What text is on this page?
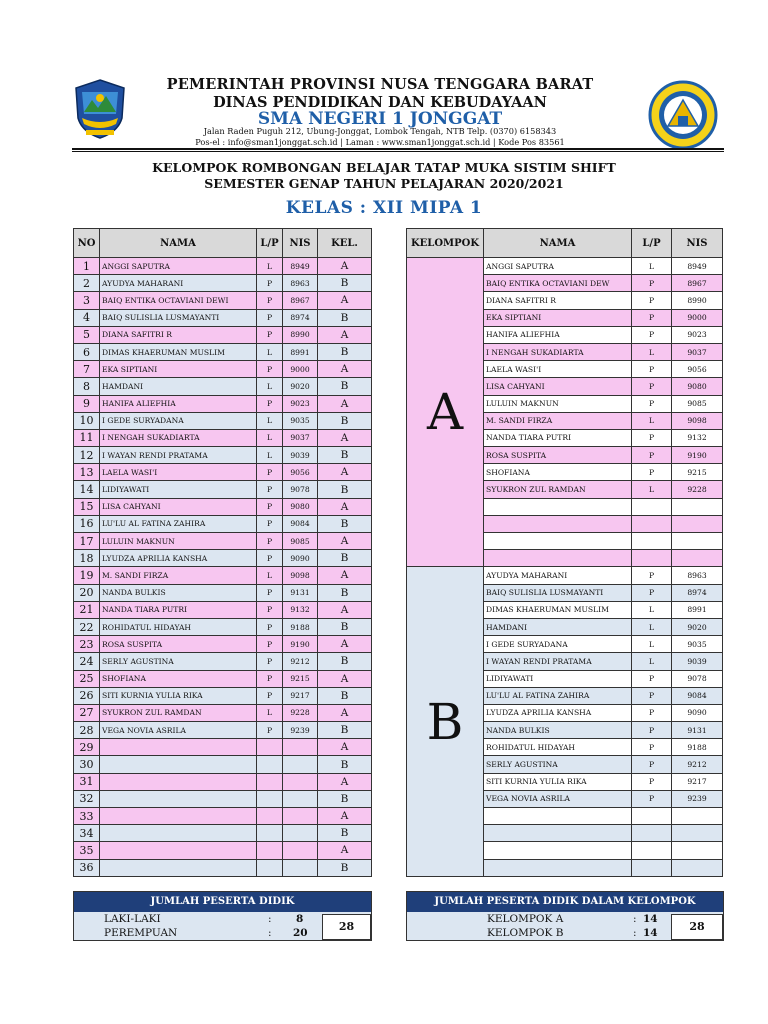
PEMERINTAH PROVINSI NUSA TENGGARA BARAT
DINAS PENDIDIKAN DAN KEBUDAYAAN
SMA NEGERI 1 JONGGAT
Jalan Raden Puguh 212, Ubung-Jonggat, Lombok Tengah, NTB Telp. (0370) 6158343
Pos-el : info@sman1jonggat.sch.id | Laman : www.sman1jonggat.sch.id | Kode Pos 83561
KELOMPOK ROMBONGAN BELAJAR TATAP MUKA SISTIM SHIFT
SEMESTER GENAP TAHUN PELAJARAN 2020/2021
KELAS : XII MIPA 1
NO	NAMA	L/P	NIS	KEL.
1	ANGGI SAPUTRA	L	8949	A
2	AYUDYA MAHARANI	P	8963	B
3	BAIQ ENTIKA OCTAVIANI DEWI	P	8967	A
4	BAIQ SULISLIA LUSMAYANTI	P	8974	B
5	DIANA SAFITRI R	P	8990	A
6	DIMAS KHAERUMAN MUSLIM	L	8991	B
7	EKA SIPTIANI	P	9000	A
8	HAMDANI	L	9020	B
9	HANIFA ALIEFHIA	P	9023	A
10	I GEDE SURYADANA	L	9035	B
11	I NENGAH SUKADIARTA	L	9037	A
12	I WAYAN RENDI PRATAMA	L	9039	B
13	LAELA WASI'I	P	9056	A
14	LIDIYAWATI	P	9078	B
15	LISA CAHYANI	P	9080	A
16	LU'LU AL FATINA ZAHIRA	P	9084	B
17	LULUIN MAKNUN	P	9085	A
18	LYUDZA APRILIA KANSHA	P	9090	B
19	M. SANDI FIRZA	L	9098	A
20	NANDA BULKIS	P	9131	B
21	NANDA TIARA PUTRI	P	9132	A
22	ROHIDATUL HIDAYAH	P	9188	B
23	ROSA SUSPITA	P	9190	A
24	SERLY AGUSTINA	P	9212	B
25	SHOFIANA	P	9215	A
26	SITI KURNIA YULIA RIKA	P	9217	B
27	SYUKRON ZUL RAMDAN	L	9228	A
28	VEGA NOVIA ASRILA	P	9239	B
29				A
30				B
31				A
32				B
33				A
34				B
35				A
36				B
KELOMPOK	NAMA	L/P	NIS
A	ANGGI SAPUTRA	L	8949
	BAIQ ENTIKA OCTAVIANI DEW	P	8967
	DIANA SAFITRI R	P	8990
	EKA SIPTIANI	P	9000
	HANIFA ALIEFHIA	P	9023
	I NENGAH SUKADIARTA	L	9037
	LAELA WASI'I	P	9056
	LISA CAHYANI	P	9080
	LULUIN MAKNUN	P	9085
	M. SANDI FIRZA	L	9098
	NANDA TIARA PUTRI	P	9132
	ROSA SUSPITA	P	9190
	SHOFIANA	P	9215
	SYUKRON ZUL RAMDAN	L	9228

B	AYUDYA MAHARANI	P	8963
	BAIQ SULISLIA LUSMAYANTI	P	8974
	DIMAS KHAERUMAN MUSLIM	L	8991
	HAMDANI	L	9020
	I GEDE SURYADANA	L	9035
	I WAYAN RENDI PRATAMA	L	9039
	LIDIYAWATI	P	9078
	LU'LU AL FATINA ZAHIRA	P	9084
	LYUDZA APRILIA KANSHA	P	9090
	NANDA BULKIS	P	9131
	ROHIDATUL HIDAYAH	P	9188
	SERLY AGUSTINA	P	9212
	SITI KURNIA YULIA RIKA	P	9217
	VEGA NOVIA ASRILA	P	9239

JUMLAH PESERTA DIDIK
LAKI-LAKI	: 8
PEREMPUAN	: 20	28
JUMLAH PESERTA DIDIK DALAM KELOMPOK
KELOMPOK A	: 14
KELOMPOK B	: 14	28
